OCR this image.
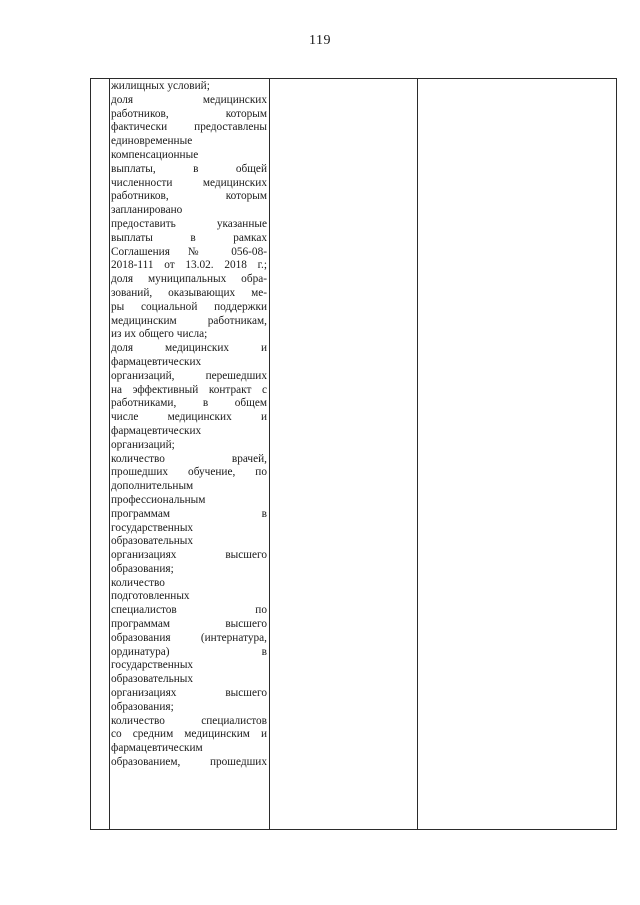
119
жилищных условий;
доля медицинских
работников, которым
фактически предоставлены
единовременные
компенсационные
выплаты, в общей
численности медицинских
работников, которым
запланировано
предоставить указанные
выплаты в рамках
Соглашения № 056-08-
2018-111 от 13.02. 2018 г.;
доля муниципальных обра-
зований, оказывающих ме-
ры социальной поддержки
медицинским работникам,
из их общего числа;
доля медицинских и
фармацевтических
организаций, перешедших
на эффективный контракт с
работниками, в общем
числе медицинских и
фармацевтических
организаций;
количество врачей,
прошедших обучение, по
дополнительным
профессиональным
программам в
государственных
образовательных
организациях высшего
образования;
количество
подготовленных
специалистов по
программам высшего
образования (интернатура,
ординатура) в
государственных
образовательных
организациях высшего
образования;
количество специалистов
со средним медицинским и
фармацевтическим
образованием, прошедших
